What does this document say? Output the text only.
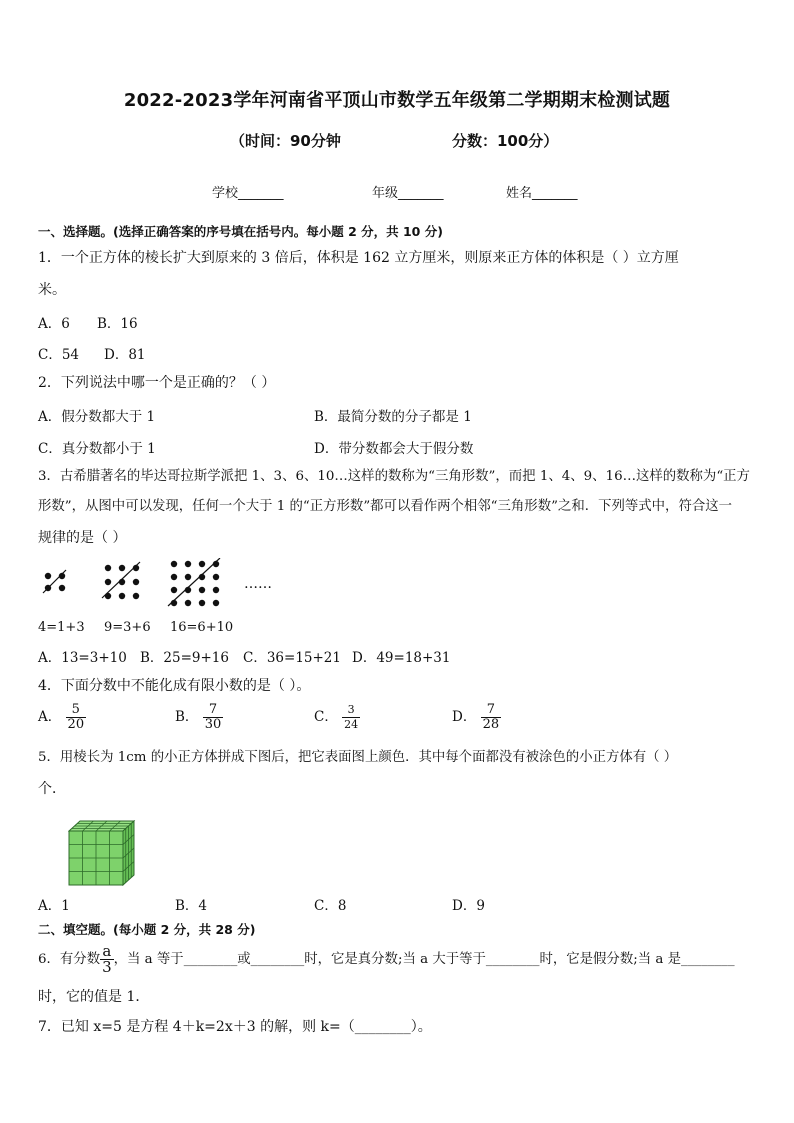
2022-2023学年河南省平顶山市数学五年级第二学期期末检测试题
（时间：90分钟	分数：100分）
学校_______	年级_______	姓名_______
一、选择题。(选择正确答案的序号填在括号内。每小题 2 分，共 10 分)
1．一个正方体的棱长扩大到原来的 3 倍后，体积是 162 立方厘米，则原来正方体的体积是（ ）立方厘
米。
A．6 B．16
C．54 D．81
2．下列说法中哪一个是正确的？（ ）
A．假分数都大于 1	B．最简分数的分子都是 1
C．真分数都小于 1	D．带分数都会大于假分数
3．古希腊著名的毕达哥拉斯学派把 1、3、6、10…这样的数称为“三角形数”，而把 1、4、9、16…这样的数称为“正方
形数”，从图中可以发现，任何一个大于 1 的“正方形数”都可以看作两个相邻“三角形数”之和．下列等式中，符合这一
规律的是（ ）
……
4=1+3 9=3+6 16=6+10
A．13=3+10 B．25=9+16 C．36=15+21 D．49=18+31
4．下面分数中不能化成有限小数的是（ ）。
A． $\frac{5}{20}$	B． $\frac{7}{30}$	C． $\frac{3}{24}$	D． $\frac{7}{28}$
5．用棱长为 1cm 的小正方体拼成下图后，把它表面图上颜色．其中每个面都没有被涂色的小正方体有（ ）
个．
A．1	B．4	C．8	D．9
二、填空题。(每小题 2 分，共 28 分)
6．有分数 $\frac{a}{3}$ ，当 a 等于________或________时，它是真分数;当 a 大于等于________时，它是假分数;当 a 是________
时，它的值是 1．
7．已知 x=5 是方程 4＋k=2x＋3 的解，则 k=（________）。
